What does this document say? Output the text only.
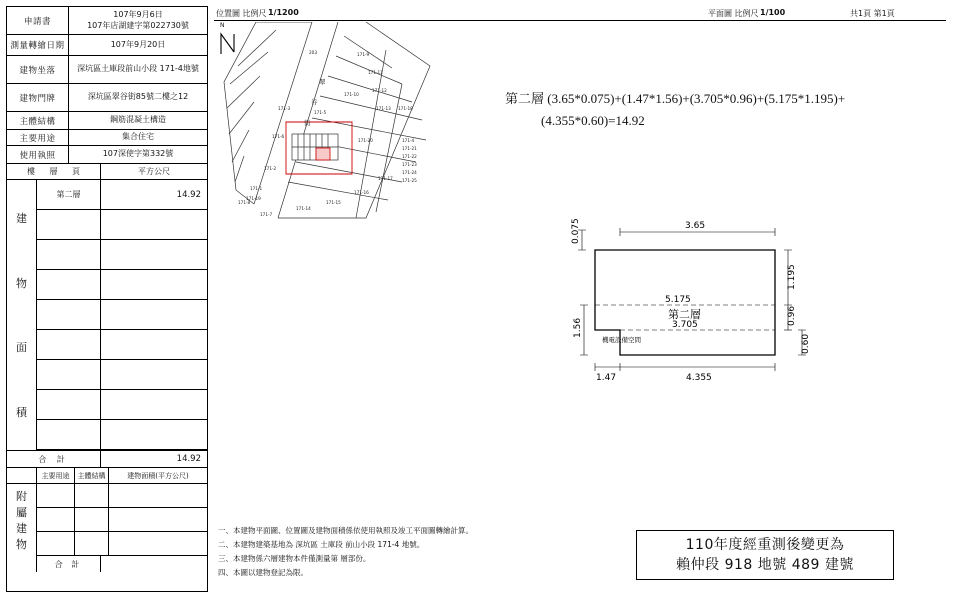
申請書
107年9月6日
107年店湖建字第022730號
測量轉繪日期	107年9月20日
建物坐落	深坑區土庫段前山小段 171-4地號
建物門牌	深坑區翠谷街85號二樓之12
主體結構	鋼筋混凝土構造
主要用途	集合住宅
使用執照	107深使字第332號
樓 層 頁	平方公尺
建
物
面
積
第二層	14.92
合 計	14.92
主要用途	主體結構	建物面積(平方公尺)
附
屬
建
物
合 計
位置圖 比例尺 1/1200	平面圖 比例尺 1/100	共1頁 第1頁
N
203	171-9
171-11
171-12
171-13
171-10
171-18
171-3
171-20	171-4
171-21
171-22
171-23
171-24
171-25
171-17
171-16
171-15
171-14
171-2
171-1
171-19
171-8
171-7
171-5
171-6
翠
谷
街
第二層 (3.65*0.075)+(1.47*1.56)+(3.705*0.96)+(5.175*1.195)+
(4.355*0.60)=14.92
0.075	3.65
5.175
3.705
第二層
機電設備空間
1.56
1.195
0.96
0.60
1.47	4.355
一、本建物平面圖、位置圖及建物面積係依使用執照及竣工平面圖轉繪計算。
二、本建物建築基地為 深坑區 土庫段 前山小段 171-4 地號。
三、本建物係六層建物本件僅測量第 層部份。
四、本圖以建物登記為限。
110年度經重測後變更為
賴仲段 918 地號 489 建號
